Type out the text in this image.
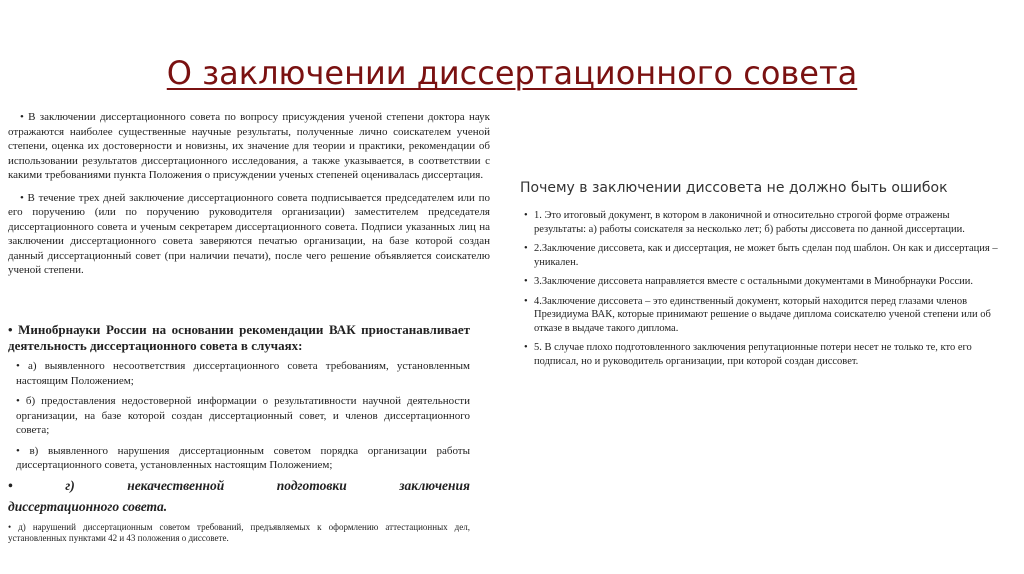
О заключении диссертационного совета

• В заключении диссертационного совета по вопросу присуждения ученой степени доктора наук отражаются наиболее существенные научные результаты, полученные лично соискателем ученой степени, оценка их достоверности и новизны, их значение для теории и практики, рекомендации об использовании результатов диссертационного исследования, а также указывается, в соответствии с какими требованиями пункта Положения о присуждении ученых степеней оценивалась диссертация.

• В течение трех дней заключение диссертационного совета подписывается председателем или по его поручению (или по поручению руководителя организации) заместителем председателя диссертационного совета и ученым секретарем диссертационного совета. Подписи указанных лиц на заключении диссертационного совета заверяются печатью организации, на базе которой создан данный диссертационный совет (при наличии печати), после чего решение объявляется соискателю ученой степени.

• Минобрнауки России на основании рекомендации ВАК приостанавливает деятельность диссертационного совета в случаях:

• а) выявленного несоответствия диссертационного совета требованиям, установленным настоящим Положением;

• б) предоставления недостоверной информации о результативности научной деятельности организации, на базе которой создан диссертационный совет, и членов диссертационного совета;

• в) выявленного нарушения диссертационным советом порядка организации работы диссертационного совета, установленных настоящим Положением;

• г) некачественной подготовки заключения

диссертационного совета.

• д) нарушений диссертационным советом требований, предъявляемых к оформлению аттестационных дел, установленных пунктами 42 и 43 положения о диссовете.

Почему в заключении диссовета не должно быть ошибок

• 1. Это итоговый документ, в котором в лаконичной и относительно строгой форме отражены результаты: а) работы соискателя за несколько лет; б) работы диссовета по данной диссертации.

• 2.Заключение диссовета, как и диссертация, не может быть сделан под шаблон. Он как и диссертация – уникален.

• 3.Заключение диссовета направляется вместе с остальными документами в Минобрнауки России.

• 4.Заключение диссовета – это единственный документ, который находится перед глазами членов Президиума ВАК, которые принимают решение о выдаче диплома соискателю ученой степени или об отказе в выдаче такого диплома.

• 5. В случае плохо подготовленного заключения репутационные потери несет не только те, кто его подписал, но и руководитель организации, при которой создан диссовет.
